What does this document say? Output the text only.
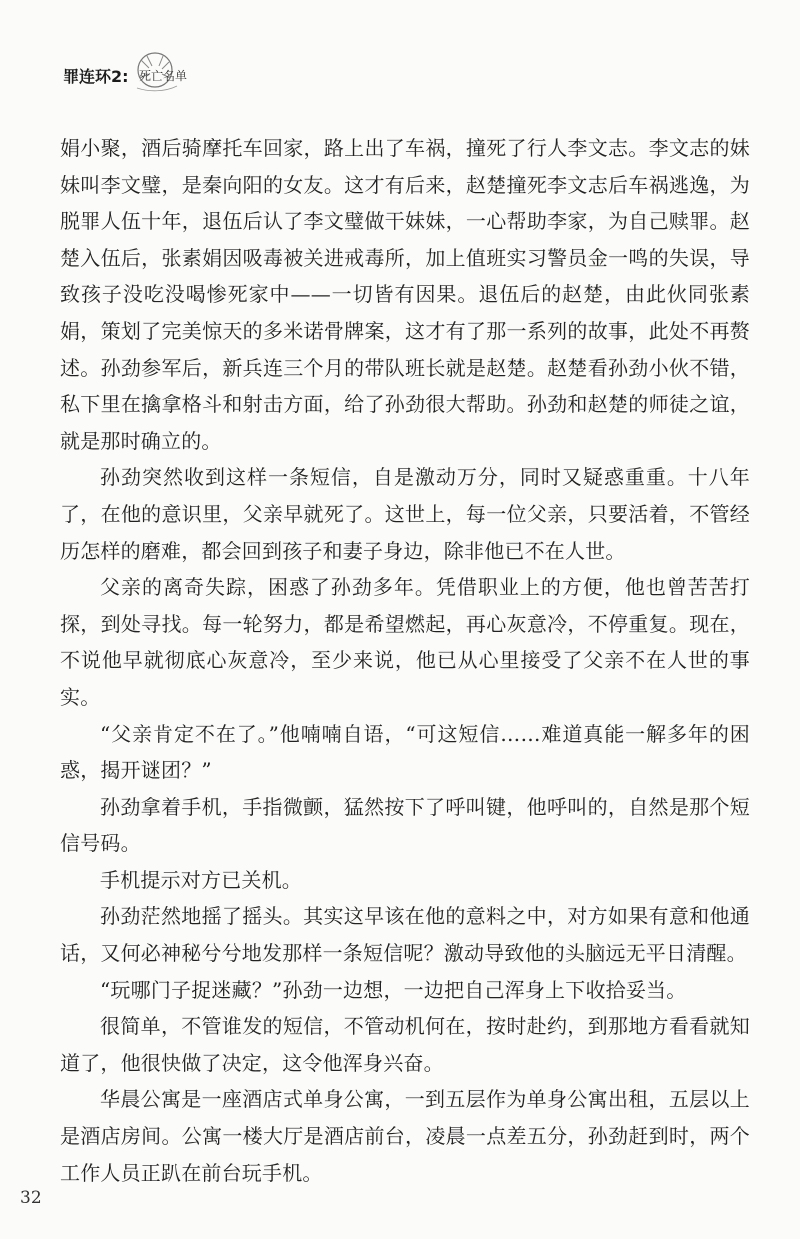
罪连环2: 死亡名单

娟小聚，酒后骑摩托车回家，路上出了车祸，撞死了行人李文志。李文志的妹妹叫李文璧，是秦向阳的女友。这才有后来，赵楚撞死李文志后车祸逃逸，为脱罪人伍十年，退伍后认了李文璧做干妹妹，一心帮助李家，为自己赎罪。赵楚入伍后，张素娟因吸毒被关进戒毒所，加上值班实习警员金一鸣的失误，导致孩子没吃没喝惨死家中——一切皆有因果。退伍后的赵楚，由此伙同张素娟，策划了完美惊天的多米诺骨牌案，这才有了那一系列的故事，此处不再赘述。孙劲参军后，新兵连三个月的带队班长就是赵楚。赵楚看孙劲小伙不错，私下里在擒拿格斗和射击方面，给了孙劲很大帮助。孙劲和赵楚的师徒之谊，就是那时确立的。

孙劲突然收到这样一条短信，自是激动万分，同时又疑惑重重。十八年了，在他的意识里，父亲早就死了。这世上，每一位父亲，只要活着，不管经历怎样的磨难，都会回到孩子和妻子身边，除非他已不在人世。

父亲的离奇失踪，困惑了孙劲多年。凭借职业上的方便，他也曾苦苦打探，到处寻找。每一轮努力，都是希望燃起，再心灰意冷，不停重复。现在，不说他早就彻底心灰意冷，至少来说，他已从心里接受了父亲不在人世的事实。

“父亲肯定不在了。”他喃喃自语，“可这短信……难道真能一解多年的困惑，揭开谜团？”

孙劲拿着手机，手指微颤，猛然按下了呼叫键，他呼叫的，自然是那个短信号码。

手机提示对方已关机。

孙劲茫然地摇了摇头。其实这早该在他的意料之中，对方如果有意和他通话，又何必神秘兮兮地发那样一条短信呢？激动导致他的头脑远无平日清醒。

“玩哪门子捉迷藏？”孙劲一边想，一边把自己浑身上下收拾妥当。

很简单，不管谁发的短信，不管动机何在，按时赴约，到那地方看看就知道了，他很快做了决定，这令他浑身兴奋。

华晨公寓是一座酒店式单身公寓，一到五层作为单身公寓出租，五层以上是酒店房间。公寓一楼大厅是酒店前台，凌晨一点差五分，孙劲赶到时，两个工作人员正趴在前台玩手机。

32
